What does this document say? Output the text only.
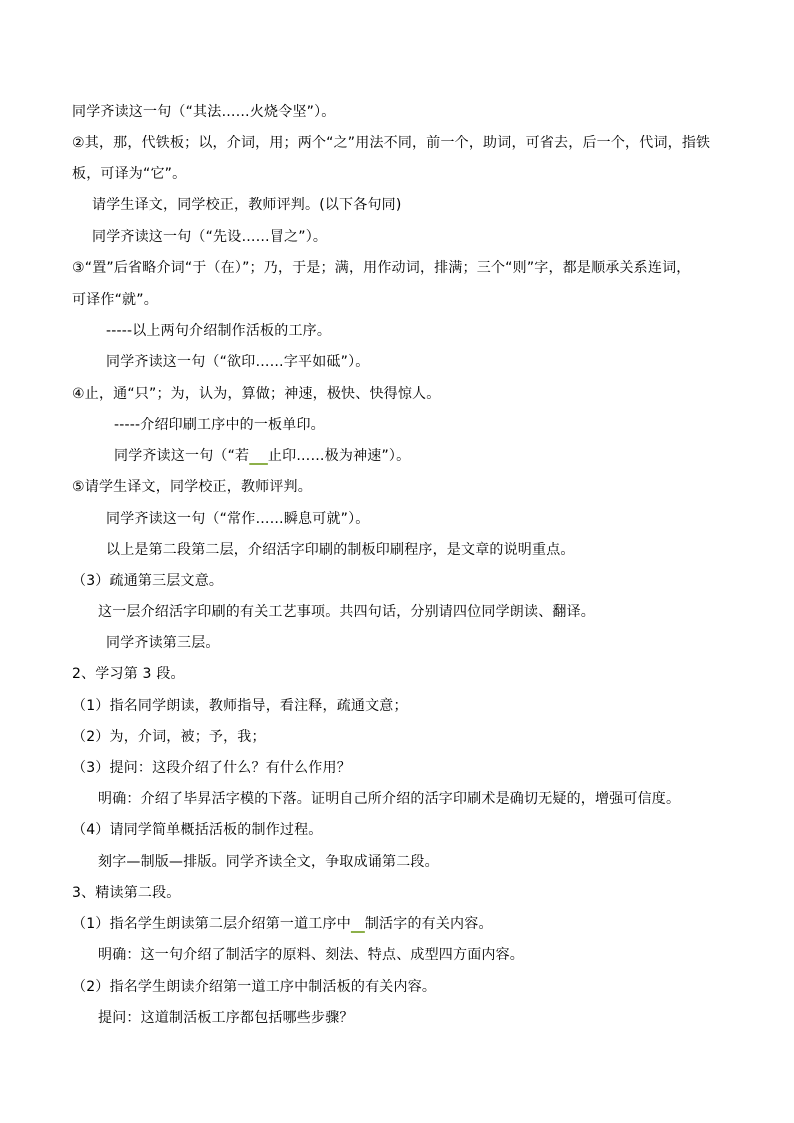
同学齐读这一句（“其法……火烧令坚”）。
②其，那，代铁板；以，介词，用；两个“之”用法不同，前一个，助词，可省去，后一个，代词，指铁
板，可译为“它”。
请学生译文，同学校正，教师评判。(以下各句同)
同学齐读这一句（“先设……冒之”）。
③“置”后省略介词“于（在）”；乃，于是；满，用作动词，排满；三个“则”字，都是顺承关系连词，
可译作“就”。
-----以上两句介绍制作活板的工序。
同学齐读这一句（“欲印……字平如砥”）。
④止，通“只”；为，认为，算做；神速，极快、快得惊人。
-----介绍印刷工序中的一板单印。
同学齐读这一句（“若 止印……极为神速”）。
⑤请学生译文，同学校正，教师评判。
同学齐读这一句（“常作……瞬息可就”）。
以上是第二段第二层，介绍活字印刷的制板印刷程序，是文章的说明重点。
（3）疏通第三层文意。
这一层介绍活字印刷的有关工艺事项。共四句话，分别请四位同学朗读、翻译。
同学齐读第三层。
2、学习第 3 段。
（1）指名同学朗读，教师指导，看注释，疏通文意；
（2）为，介词，被；予，我；
（3）提问：这段介绍了什么？有什么作用？
明确：介绍了毕昇活字模的下落。证明自己所介绍的活字印刷术是确切无疑的，增强可信度。
（4）请同学简单概括活板的制作过程。
刻字—制版—排版。同学齐读全文，争取成诵第二段。
3、精读第二段。
（1）指名学生朗读第二层介绍第一道工序中 制活字的有关内容。
明确：这一句介绍了制活字的原料、刻法、特点、成型四方面内容。
（2）指名学生朗读介绍第一道工序中制活板的有关内容。
提问：这道制活板工序都包括哪些步骤？
